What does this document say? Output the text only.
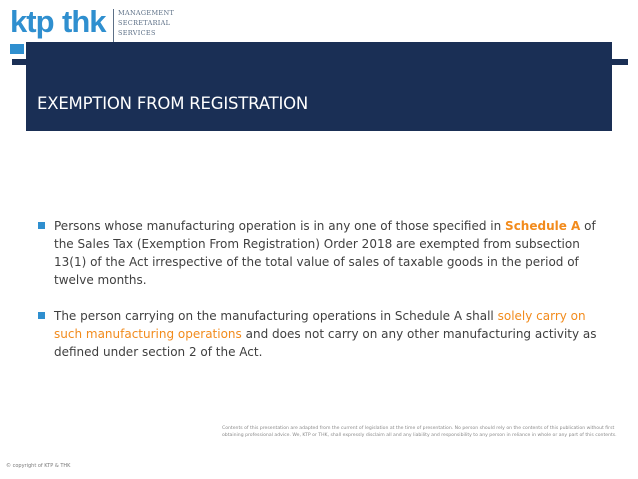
ktp thk MANAGEMENT
SECRETARIAL
SERVICES
EXEMPTION FROM REGISTRATION

Persons whose manufacturing operation is in any one of those specified in Schedule A of the Sales Tax (Exemption From Registration) Order 2018 are exempted from subsection 13(1) of the Act irrespective of the total value of sales of taxable goods in the period of twelve months.

The person carrying on the manufacturing operations in Schedule A shall solely carry on such manufacturing operations and does not carry on any other manufacturing activity as defined under section 2 of the Act.

© copyright of KTP & THK
Contents of this presentation are adapted from the current of legislation at the time of presentation. No person should rely on the contents of this publication without first obtaining professional advice. We, KTP or THK, shall expressly disclaim all and any liability and responsibility to any person in reliance in whole or any part of this contents.
